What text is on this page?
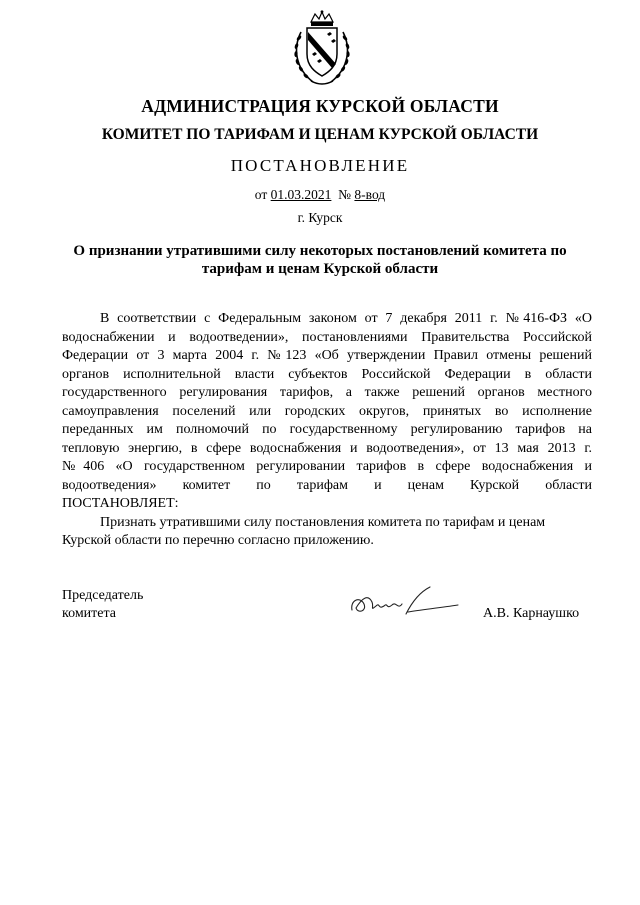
АДМИНИСТРАЦИЯ КУРСКОЙ ОБЛАСТИ
КОМИТЕТ ПО ТАРИФАМ И ЦЕНАМ КУРСКОЙ ОБЛАСТИ
ПОСТАНОВЛЕНИЕ
от 01.03.2021 № 8-вод
г. Курск
О признании утратившими силу некоторых постановлений комитета по
тарифам и ценам Курской области

В соответствии с Федеральным законом от 7 декабря 2011 г. №416-ФЗ «О

водоснабжении и водоотведении», постановлениями Правительства Российской

Федерации от 3 марта 2004 г. №123 «Об утверждении Правил отмены решений

органов исполнительной власти субъектов Российской Федерации в области

государственного регулирования тарифов, а также решений органов местного

самоуправления поселений или городских округов, принятых во исполнение

переданных им полномочий по государственному регулированию тарифов на

тепловую энергию, в сфере водоснабжения и водоотведения», от 13 мая 2013 г.

№406 «О государственном регулировании тарифов в сфере водоснабжения и

водоотведения» комитет по тарифам и ценам Курской области

ПОСТАНОВЛЯЕТ:

Признать утратившими силу постановления комитета по тарифам и ценам

Курской области по перечню согласно приложению.

Председатель
комитета	А.В. Карнаушко
